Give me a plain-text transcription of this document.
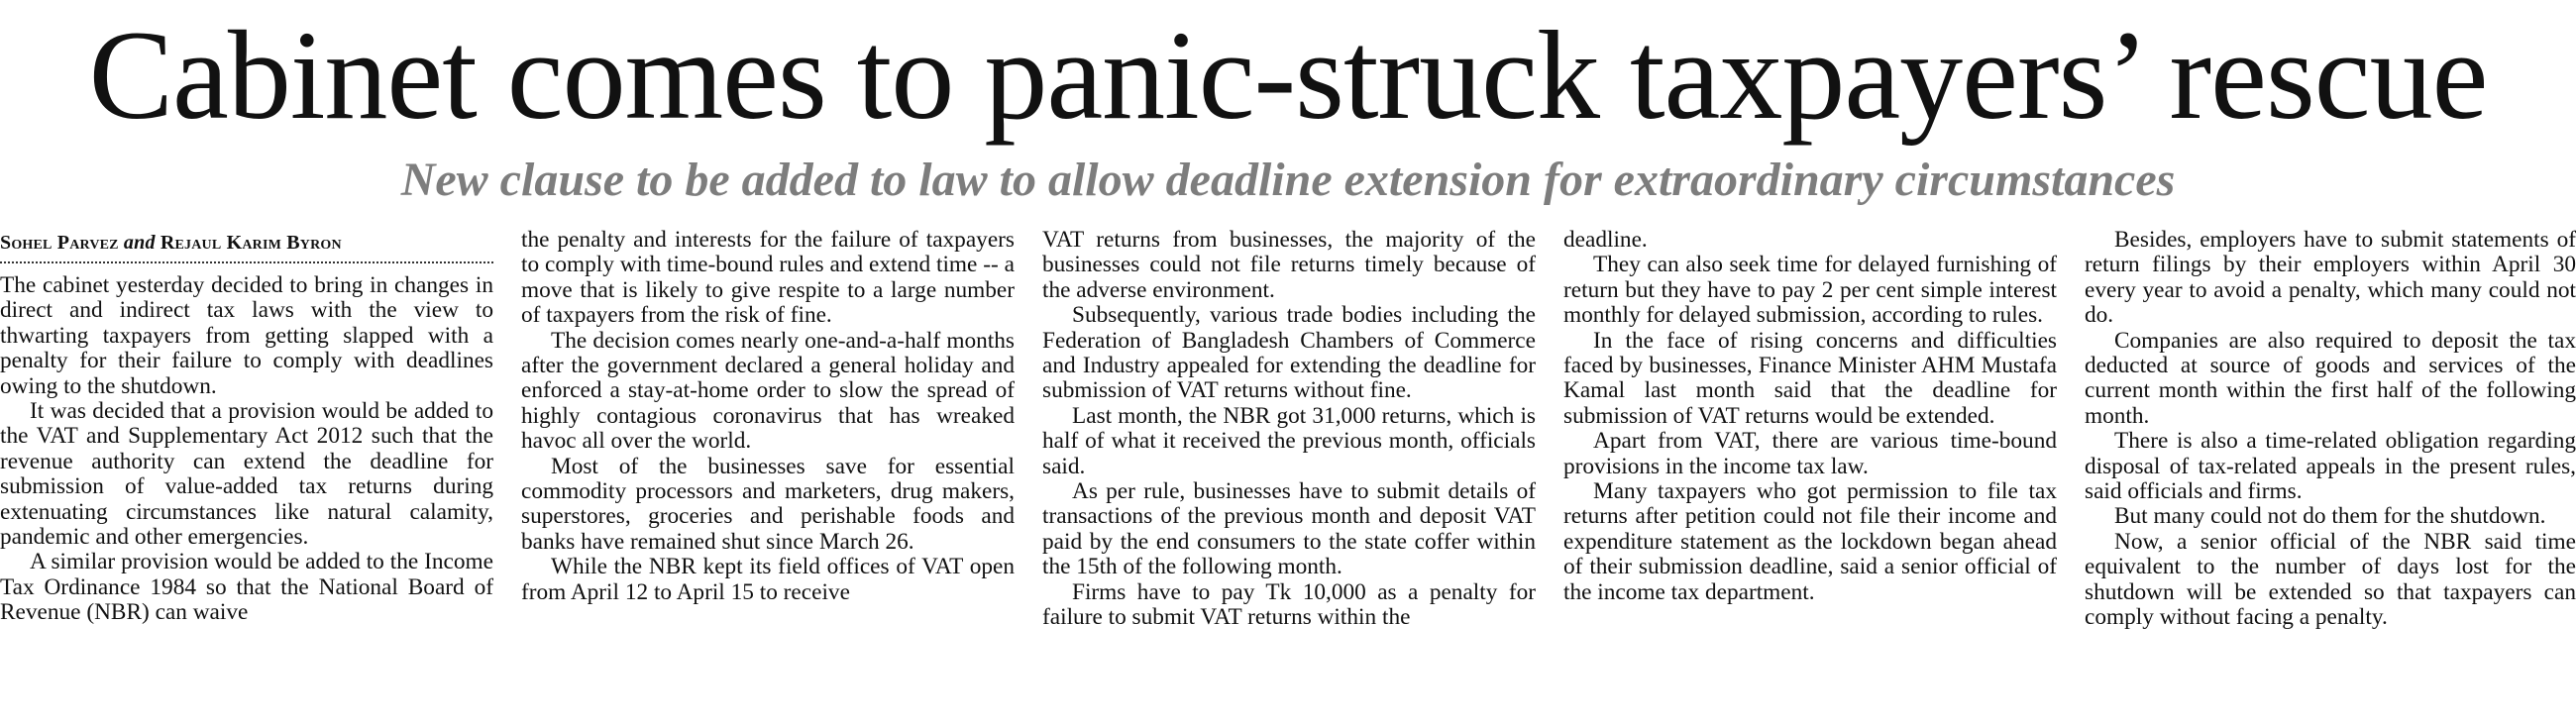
Cabinet comes to panic-struck taxpayers’ rescue
New clause to be added to law to allow deadline extension for extraordinary circumstances
Sohel Parvez and Rejaul Karim Byron

The cabinet yesterday decided to bring in changes in direct and indirect tax laws with the view to thwarting taxpayers from getting slapped with a penalty for their failure to comply with deadlines owing to the shutdown.

It was decided that a provision would be added to the VAT and Supplementary Act 2012 such that the revenue authority can extend the deadline for submission of value-added tax returns during extenuating circumstances like natural calamity, pandemic and other emergencies.

A similar provision would be added to the Income Tax Ordinance 1984 so that the National Board of Revenue (NBR) can waive

the penalty and interests for the failure of taxpayers to comply with time-bound rules and extend time -- a move that is likely to give respite to a large number of taxpayers from the risk of fine.

The decision comes nearly one-and-a-half months after the government declared a general holiday and enforced a stay-at-home order to slow the spread of highly contagious coronavirus that has wreaked havoc all over the world.

Most of the businesses save for essential commodity processors and marketers, drug makers, superstores, groceries and perishable foods and banks have remained shut since March 26.

While the NBR kept its field offices of VAT open from April 12 to April 15 to receive

VAT returns from businesses, the majority of the businesses could not file returns timely because of the adverse environment.

Subsequently, various trade bodies including the Federation of Bangladesh Chambers of Commerce and Industry appealed for extending the deadline for submission of VAT returns without fine.

Last month, the NBR got 31,000 returns, which is half of what it received the previous month, officials said.

As per rule, businesses have to submit details of transactions of the previous month and deposit VAT paid by the end consumers to the state coffer within the 15th of the following month.

Firms have to pay Tk 10,000 as a penalty for failure to submit VAT returns within the

deadline.

They can also seek time for delayed furnishing of return but they have to pay 2 per cent simple interest monthly for delayed submission, according to rules.

In the face of rising concerns and difficulties faced by businesses, Finance Minister AHM Mustafa Kamal last month said that the deadline for submission of VAT returns would be extended.

Apart from VAT, there are various time-bound provisions in the income tax law.

Many taxpayers who got permission to file tax returns after petition could not file their income and expenditure statement as the lockdown began ahead of their submission deadline, said a senior official of the income tax department.

Besides, employers have to submit statements of return filings by their employers within April 30 every year to avoid a penalty, which many could not do.

Companies are also required to deposit the tax deducted at source of goods and services of the current month within the first half of the following month.

There is also a time-related obligation regarding disposal of tax-related appeals in the present rules, said officials and firms.

But many could not do them for the shutdown.

Now, a senior official of the NBR said time equivalent to the number of days lost for the shutdown will be extended so that taxpayers can comply without facing a penalty.
